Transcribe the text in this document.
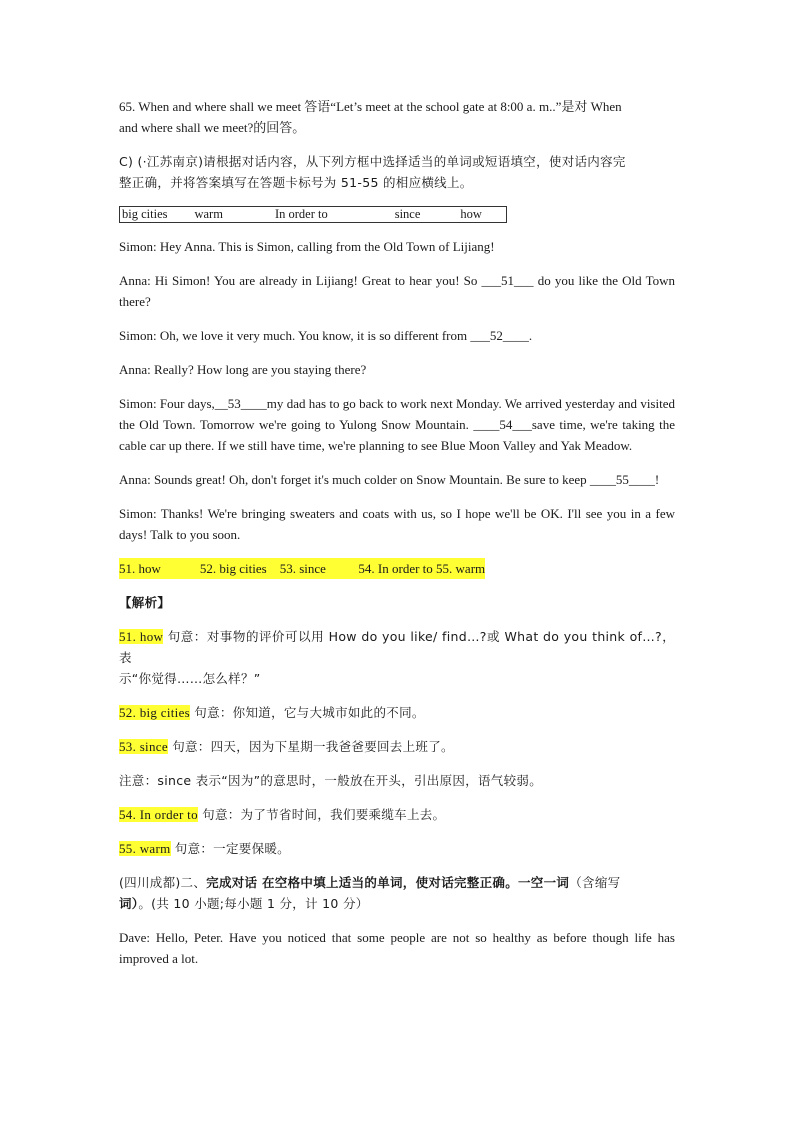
65. When and where shall we meet 答语“Let’s meet at the school gate at 8:00 a. m..”是对 When

and where shall we meet?的回答。

C) (·江苏南京)请根据对话内容，从下列方框中选择适当的单词或短语填空，使对话内容完

整正确，并将答案填写在答题卡标号为 51-55 的相应横线上。

big cities warm	In order to	since	how

Simon: Hey Anna. This is Simon, calling from the Old Town of Lijiang!

Anna: Hi Simon! You are already in Lijiang! Great to hear you! So ___51___ do you like the Old Town there?

Simon: Oh, we love it very much. You know, it is so different from ___52____.

Anna: Really? How long are you staying there?

Simon: Four days,__53____my dad has to go back to work next Monday. We arrived yesterday and visited the Old Town. Tomorrow we're going to Yulong Snow Mountain. ____54___save time, we're taking the cable car up there. If we still have time, we're planning to see Blue Moon Valley and Yak Meadow.

Anna: Sounds great! Oh, don't forget it's much colder on Snow Mountain. Be sure to keep ____55____!

Simon: Thanks! We're bringing sweaters and coats with us, so I hope we'll be OK. I'll see you in a few days! Talk to you soon.

51. how
	52. big cities
53. since
	54. In order to
55. warm

【解析】

51. how 句意：对事物的评价可以用 How do you like/ find…?或 What do you think of…?，表

示“你觉得……怎么样？”

52. big cities 句意：你知道，它与大城市如此的不同。

53. since 句意：四天，因为下星期一我爸爸要回去上班了。

注意：since 表示“因为”的意思时，一般放在开头，引出原因，语气较弱。

54. In order to 句意：为了节省时间，我们要乘缆车上去。

55. warm 句意：一定要保暖。

(四川成都)二、完成对话 在空格中填上适当的单词，使对话完整正确。一空一词（含缩写

词）。(共 10 小题;每小题 1 分，计 10 分）

Dave: Hello, Peter. Have you noticed that some people are not so healthy as before though life has improved a lot.
